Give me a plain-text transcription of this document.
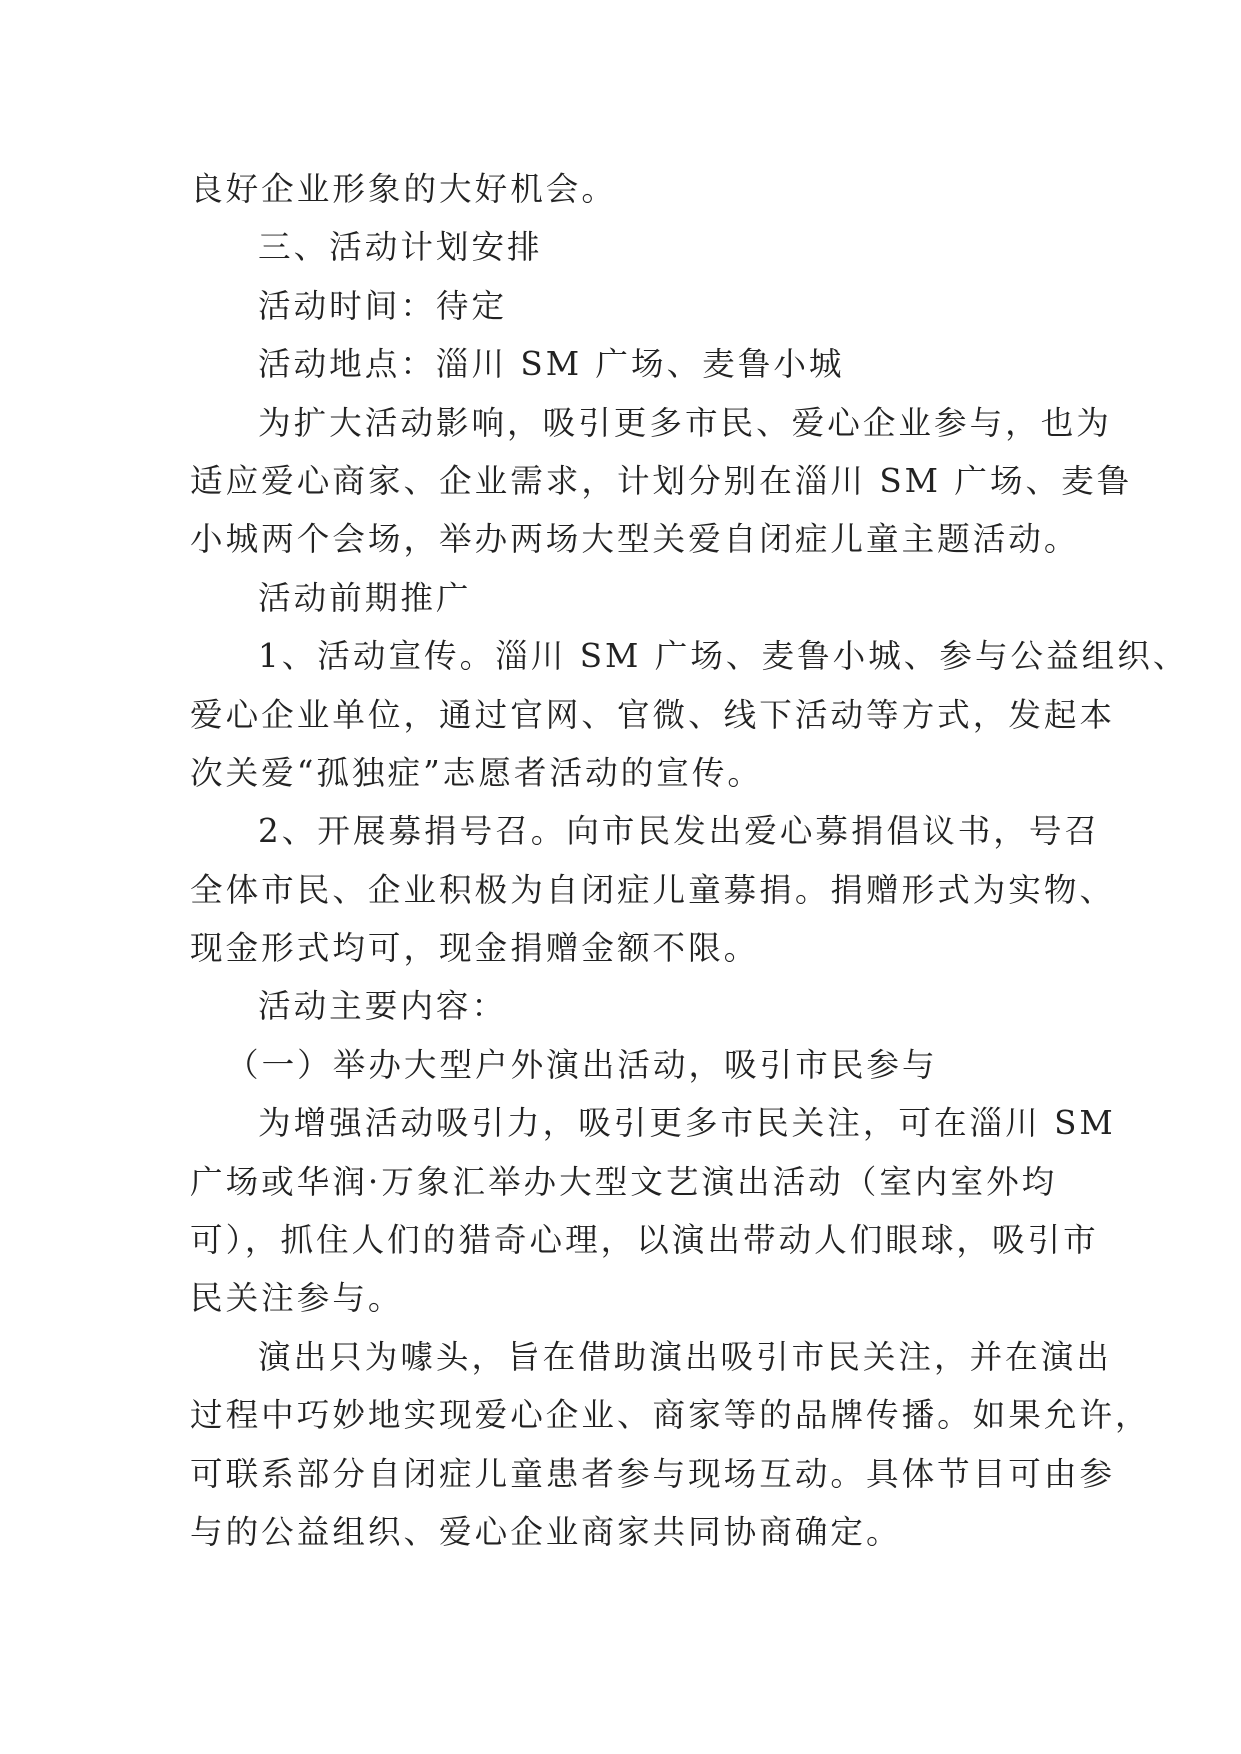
良好企业形象的大好机会。
三、活动计划安排
活动时间：待定
活动地点：淄川 SM 广场、麦鲁小城
为扩大活动影响，吸引更多市民、爱心企业参与，也为
适应爱心商家、企业需求，计划分别在淄川 SM 广场、麦鲁
小城两个会场，举办两场大型关爱自闭症儿童主题活动。
活动前期推广
1、活动宣传。淄川 SM 广场、麦鲁小城、参与公益组织、
爱心企业单位，通过官网、官微、线下活动等方式，发起本
次关爱“孤独症”志愿者活动的宣传。
2、开展募捐号召。向市民发出爱心募捐倡议书，号召
全体市民、企业积极为自闭症儿童募捐。捐赠形式为实物、
现金形式均可，现金捐赠金额不限。
活动主要内容：
（一）举办大型户外演出活动，吸引市民参与
为增强活动吸引力，吸引更多市民关注，可在淄川 SM
广场或华润·万象汇举办大型文艺演出活动（室内室外均
可），抓住人们的猎奇心理，以演出带动人们眼球，吸引市
民关注参与。
演出只为噱头，旨在借助演出吸引市民关注，并在演出
过程中巧妙地实现爱心企业、商家等的品牌传播。如果允许，
可联系部分自闭症儿童患者参与现场互动。具体节目可由参
与的公益组织、爱心企业商家共同协商确定。
